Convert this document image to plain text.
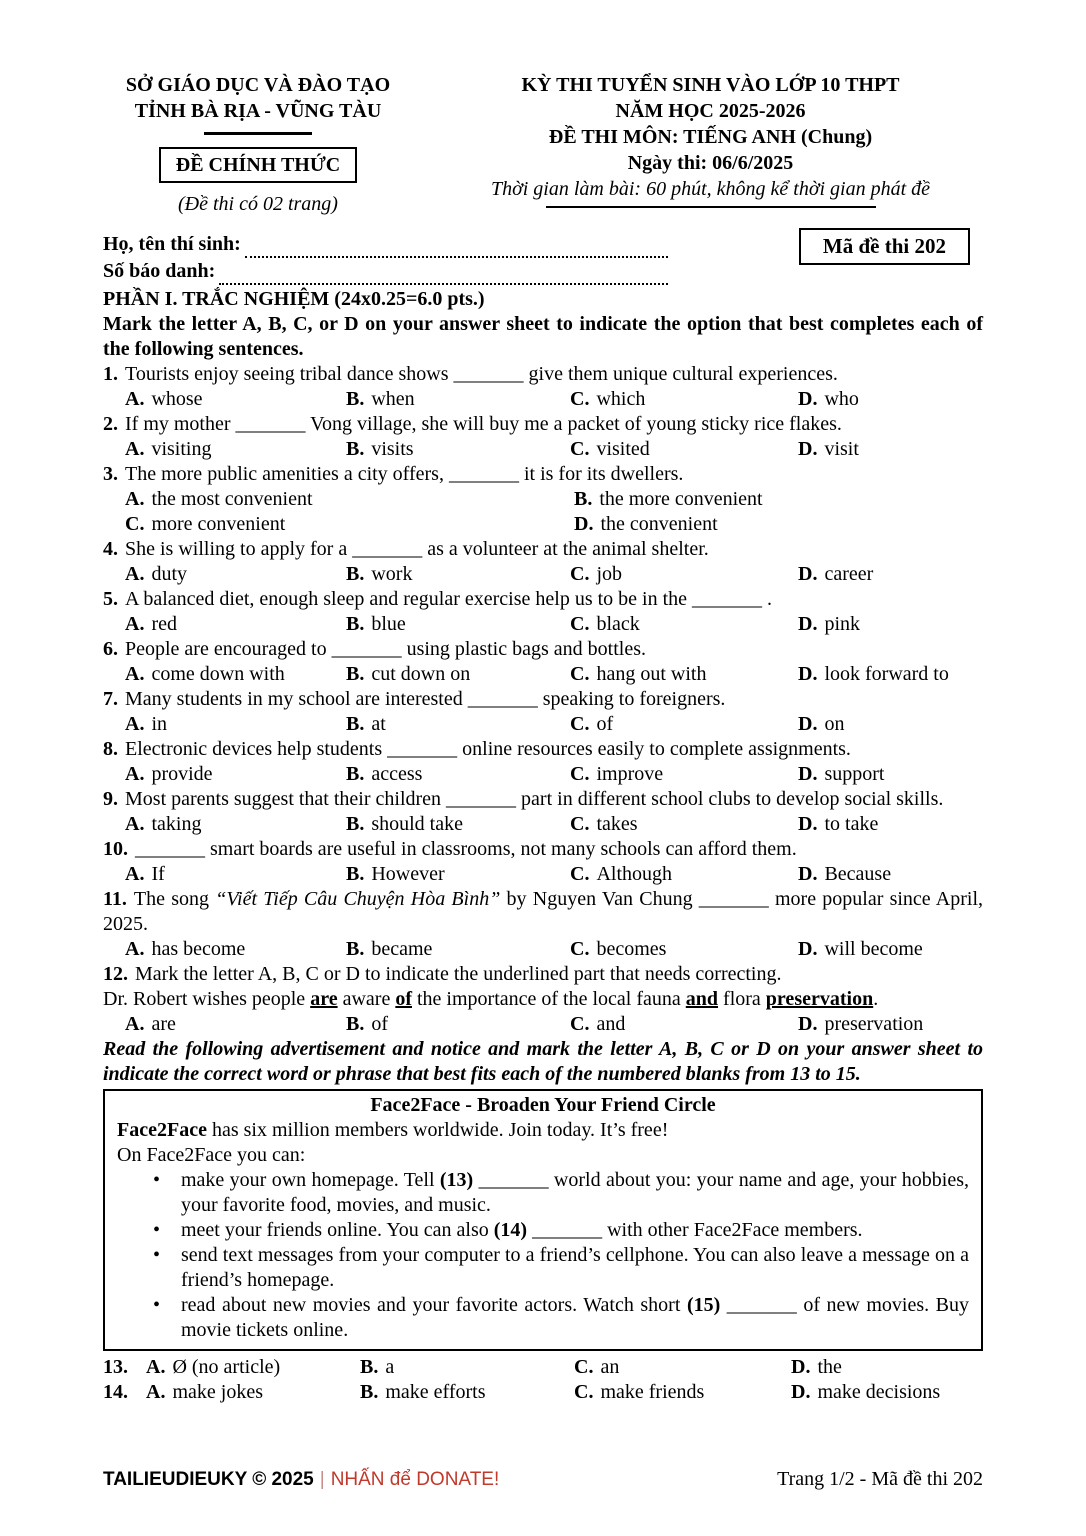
SỞ GIÁO DỤC VÀ ĐÀO TẠO
TỈNH BÀ RỊA - VŨNG TÀU
ĐỀ CHÍNH THỨC
(Đề thi có 02 trang)
KỲ THI TUYỂN SINH VÀO LỚP 10 THPT
NĂM HỌC 2025-2026
ĐỀ THI MÔN: TIẾNG ANH (Chung)
Ngày thi: 06/6/2025
Thời gian làm bài: 60 phút, không kể thời gian phát đề
Họ, tên thí sinh:
Số báo danh:
Mã đề thi 202
PHẦN I. TRẮC NGHIỆM (24x0.25=6.0 pts.)

Mark the letter A, B, C, or D on your answer sheet to indicate the option that best completes each of the following sentences.

1. Tourists enjoy seeing tribal dance shows _______ give them unique cultural experiences.

A. whose	B. when	C. which	D. who

2. If my mother _______ Vong village, she will buy me a packet of young sticky rice flakes.

A. visiting	B. visits	C. visited	D. visit

3. The more public amenities a city offers, _______ it is for its dwellers.

A. the most convenient	B. the more convenient
C. more convenient	D. the convenient

4. She is willing to apply for a _______ as a volunteer at the animal shelter.

A. duty	B. work	C. job	D. career

5. A balanced diet, enough sleep and regular exercise help us to be in the _______ .

A. red	B. blue	C. black	D. pink

6. People are encouraged to _______ using plastic bags and bottles.

A. come down with	B. cut down on	C. hang out with	D. look forward to

7. Many students in my school are interested _______ speaking to foreigners.

A. in	B. at	C. of	D. on

8. Electronic devices help students _______ online resources easily to complete assignments.

A. provide	B. access	C. improve	D. support

9. Most parents suggest that their children _______ part in different school clubs to develop social skills.

A. taking	B. should take	C. takes	D. to take

10. _______ smart boards are useful in classrooms, not many schools can afford them.

A. If	B. However	C. Although	D. Because

11. The song “Viết Tiếp Câu Chuyện Hòa Bình” by Nguyen Van Chung _______ more popular since April, 2025.

A. has become	B. became	C. becomes	D. will become

12. Mark the letter A, B, C or D to indicate the underlined part that needs correcting.

Dr. Robert wishes people are aware of the importance of the local fauna and flora preservation.

A. are	B. of	C. and	D. preservation

Read the following advertisement and notice and mark the letter A, B, C or D on your answer sheet to indicate the correct word or phrase that best fits each of the numbered blanks from 13 to 15.

Face2Face - Broaden Your Friend Circle

Face2Face has six million members worldwide. Join today. It’s free!

On Face2Face you can:

• make your own homepage. Tell (13) _______ world about you: your name and age, your hobbies, your favorite food, movies, and music.

• meet your friends online. You can also (14) _______ with other Face2Face members.

• send text messages from your computer to a friend’s cellphone. You can also leave a message on a friend’s homepage.

• read about new movies and your favorite actors. Watch short (15) _______ of new movies. Buy movie tickets online.

13. A. Ø (no article)	B. a	C. an	D. the
14. A. make jokes	B. make efforts	C. make friends	D. make decisions
TAILIEUDIEUKY © 2025 | NHẤN để DONATE!	Trang 1/2 - Mã đề thi 202
